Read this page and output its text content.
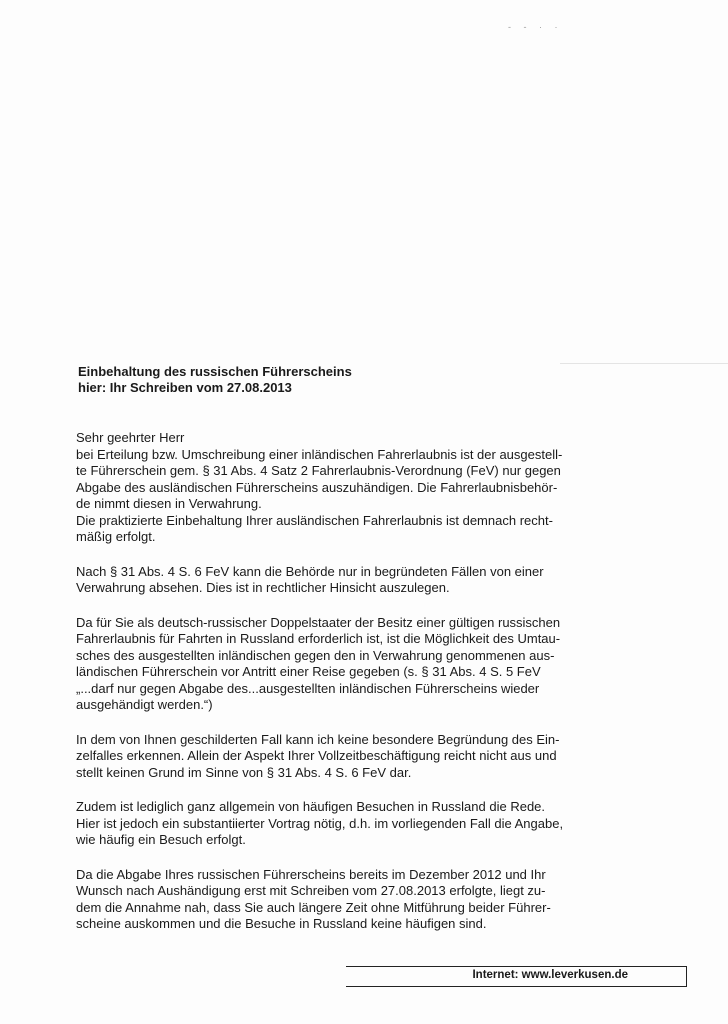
- - · ·
Einbehaltung des russischen Führerscheins
hier: Ihr Schreiben vom 27.08.2013
Sehr geehrter Herr
bei Erteilung bzw. Umschreibung einer inländischen Fahrerlaubnis ist der ausgestell-
te Führerschein gem. § 31 Abs. 4 Satz 2 Fahrerlaubnis-Verordnung (FeV) nur gegen
Abgabe des ausländischen Führerscheins auszuhändigen. Die Fahrerlaubnisbehör-
de nimmt diesen in Verwahrung.
Die praktizierte Einbehaltung Ihrer ausländischen Fahrerlaubnis ist demnach recht-
mäßig erfolgt.
Nach § 31 Abs. 4 S. 6 FeV kann die Behörde nur in begründeten Fällen von einer
Verwahrung absehen. Dies ist in rechtlicher Hinsicht auszulegen.
Da für Sie als deutsch-russischer Doppelstaater der Besitz einer gültigen russischen
Fahrerlaubnis für Fahrten in Russland erforderlich ist, ist die Möglichkeit des Umtau-
sches des ausgestellten inländischen gegen den in Verwahrung genommenen aus-
ländischen Führerschein vor Antritt einer Reise gegeben (s. § 31 Abs. 4 S. 5 FeV
„...darf nur gegen Abgabe des...ausgestellten inländischen Führerscheins wieder
ausgehändigt werden.“)
In dem von Ihnen geschilderten Fall kann ich keine besondere Begründung des Ein-
zelfalles erkennen. Allein der Aspekt Ihrer Vollzeitbeschäftigung reicht nicht aus und
stellt keinen Grund im Sinne von § 31 Abs. 4 S. 6 FeV dar.
Zudem ist lediglich ganz allgemein von häufigen Besuchen in Russland die Rede.
Hier ist jedoch ein substantiierter Vortrag nötig, d.h. im vorliegenden Fall die Angabe,
wie häufig ein Besuch erfolgt.
Da die Abgabe Ihres russischen Führerscheins bereits im Dezember 2012 und Ihr
Wunsch nach Aushändigung erst mit Schreiben vom 27.08.2013 erfolgte, liegt zu-
dem die Annahme nah, dass Sie auch längere Zeit ohne Mitführung beider Führer-
scheine auskommen und die Besuche in Russland keine häufigen sind.
Internet: www.leverkusen.de
